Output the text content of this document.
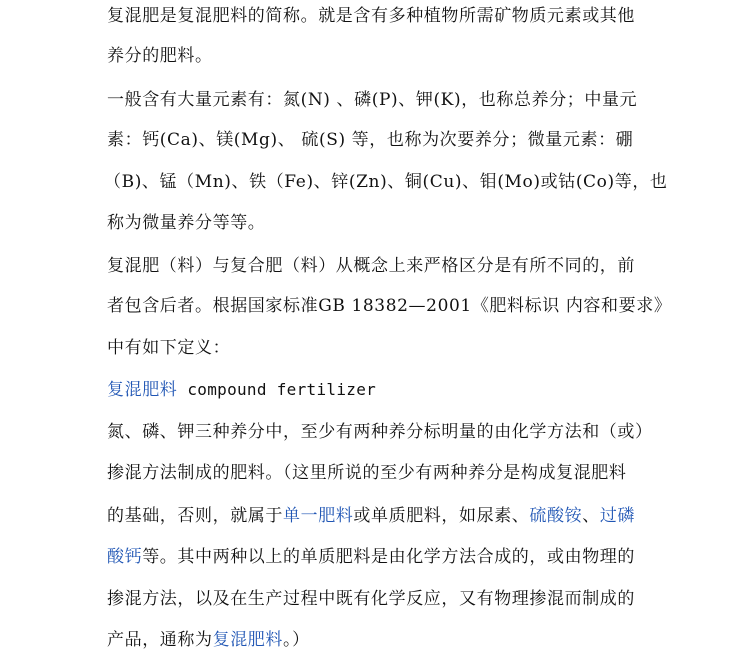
复混肥是复混肥料的简称。就是含有多种植物所需矿物质元素或其他
养分的肥料。
一般含有大量元素有：氮(N) 、磷(P)、钾(K)，也称总养分；中量元
素：钙(Ca)、镁(Mg)、 硫(S) 等，也称为次要养分；微量元素：硼
（B)、锰（Mn)、铁（Fe)、锌(Zn)、铜(Cu)、钼(Mo)或钴(Co)等，也
称为微量养分等等。
复混肥（料）与复合肥（料）从概念上来严格区分是有所不同的，前
者包含后者。根据国家标准GB 18382—2001《肥料标识 内容和要求》
中有如下定义：
复混肥料 compound fertilizer
氮、磷、钾三种养分中，至少有两种养分标明量的由化学方法和（或）
掺混方法制成的肥料。（这里所说的至少有两种养分是构成复混肥料
的基础，否则，就属于单一肥料或单质肥料，如尿素、硫酸铵、过磷
酸钙等。其中两种以上的单质肥料是由化学方法合成的，或由物理的
掺混方法，以及在生产过程中既有化学反应，又有物理掺混而制成的
产品，通称为复混肥料。）
